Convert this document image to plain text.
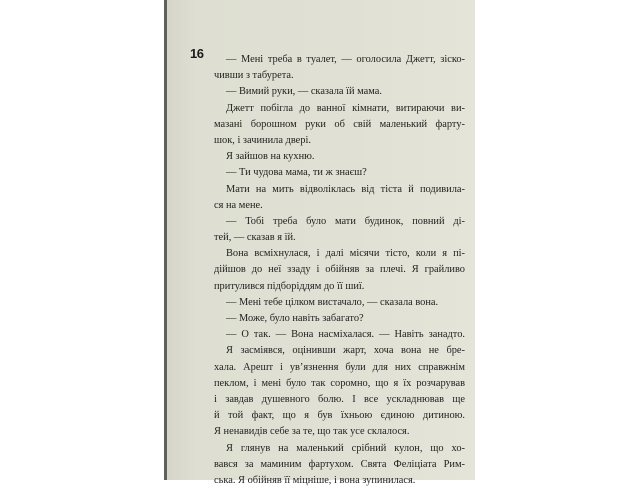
16	— Мені треба в туалет, — оголосила Джетт, зіско-
чивши з табурета.
— Вимий руки, — сказала їй мама.
Джетт побігла до ванної кімнати, витираючи ви-
мазані борошном руки об свій маленький фарту-
шок, і зачинила двері.
Я зайшов на кухню.
— Ти чудова мама, ти ж знаєш?
Мати на мить відволіклась від тіста й подивила-
ся на мене.
— Тобі треба було мати будинок, повний ді-
тей, — сказав я їй.
Вона всміхнулася, і далі місячи тісто, коли я пі-
дійшов до неї ззаду і обійняв за плечі. Я грайливо
притулився підборіддям до її шиї.
— Мені тебе цілком вистачало, — сказала вона.
— Може, було навіть забагато?
— О так. — Вона насміхалася. — Навіть занадто.
Я засміявся, оцінивши жарт, хоча вона не бре-
хала. Арешт і ув’язнення були для них справжнім
пеклом, і мені було так соромно, що я їх розчарував
і завдав душевного болю. І все ускладнював ще
й той факт, що я був їхньою єдиною дитиною.
Я ненавидів себе за те, що так усе склалося.
Я глянув на маленький срібний кулон, що хо-
вався за маминим фартухом. Свята Феліціата Рим-
ська. Я обійняв її міцніше, і вона зупинилася.
